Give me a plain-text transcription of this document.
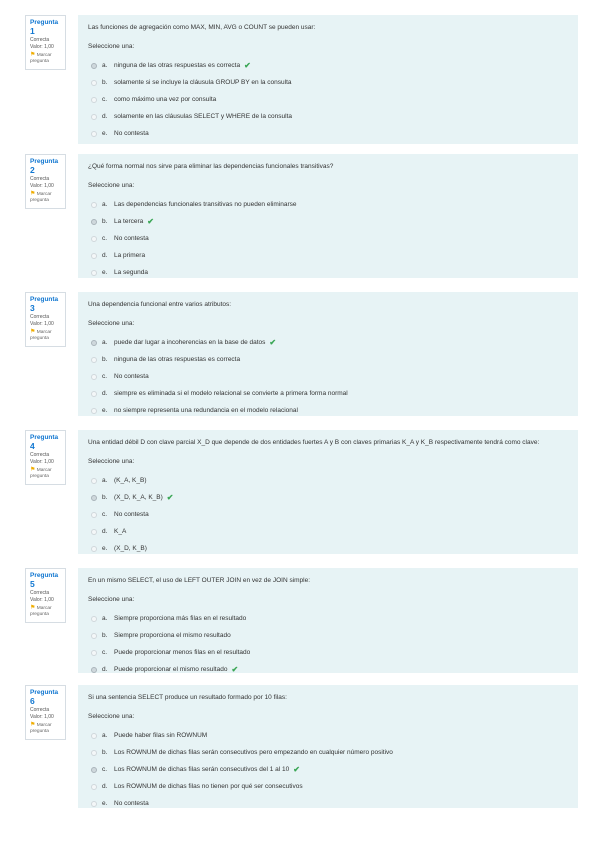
Pregunta 1
Correcta
Valor: 1,00
⚑ Marcar pregunta
Las funciones de agregación como MAX, MIN, AVG o COUNT se pueden usar:
Seleccione una:
a.	ninguna de las otras respuestas es correcta ✔
b.	solamente si se incluye la cláusula GROUP BY en la consulta
c.	como máximo una vez por consulta
d.	solamente en las cláusulas SELECT y WHERE de la consulta
e.	No contesta
Pregunta 2
Correcta
Valor: 1,00
⚑ Marcar pregunta
¿Qué forma normal nos sirve para eliminar las dependencias funcionales transitivas?
Seleccione una:
a.	Las dependencias funcionales transitivas no pueden eliminarse
b.	La tercera ✔
c.	No contesta
d.	La primera
e.	La segunda
Pregunta 3
Correcta
Valor: 1,00
⚑ Marcar pregunta
Una dependencia funcional entre varios atributos:
Seleccione una:
a.	puede dar lugar a incoherencias en la base de datos ✔
b.	ninguna de las otras respuestas es correcta
c.	No contesta
d.	siempre es eliminada si el modelo relacional se convierte a primera forma normal
e.	no siempre representa una redundancia en el modelo relacional
Pregunta 4
Correcta
Valor: 1,00
⚑ Marcar pregunta
Una entidad débil D con clave parcial X_D que depende de dos entidades fuertes A y B con claves primarias K_A y K_B respectivamente tendrá como clave:
Seleccione una:
a.	(K_A, K_B)
b.	(X_D, K_A, K_B) ✔
c.	No contesta
d.	K_A
e.	(X_D, K_B)
Pregunta 5
Correcta
Valor: 1,00
⚑ Marcar pregunta
En un mismo SELECT, el uso de LEFT OUTER JOIN en vez de JOIN simple:
Seleccione una:
a.	Siempre proporciona más filas en el resultado
b.	Siempre proporciona el mismo resultado
c.	Puede proporcionar menos filas en el resultado
d.	Puede proporcionar el mismo resultado ✔
Pregunta 6
Correcta
Valor: 1,00
⚑ Marcar pregunta
Si una sentencia SELECT produce un resultado formado por 10 filas:
Seleccione una:
a.	Puede haber filas sin ROWNUM
b.	Los ROWNUM de dichas filas serán consecutivos pero empezando en cualquier número positivo
c.	Los ROWNUM de dichas filas serán consecutivos del 1 al 10 ✔
d.	Los ROWNUM de dichas filas no tienen por qué ser consecutivos
e.	No contesta
